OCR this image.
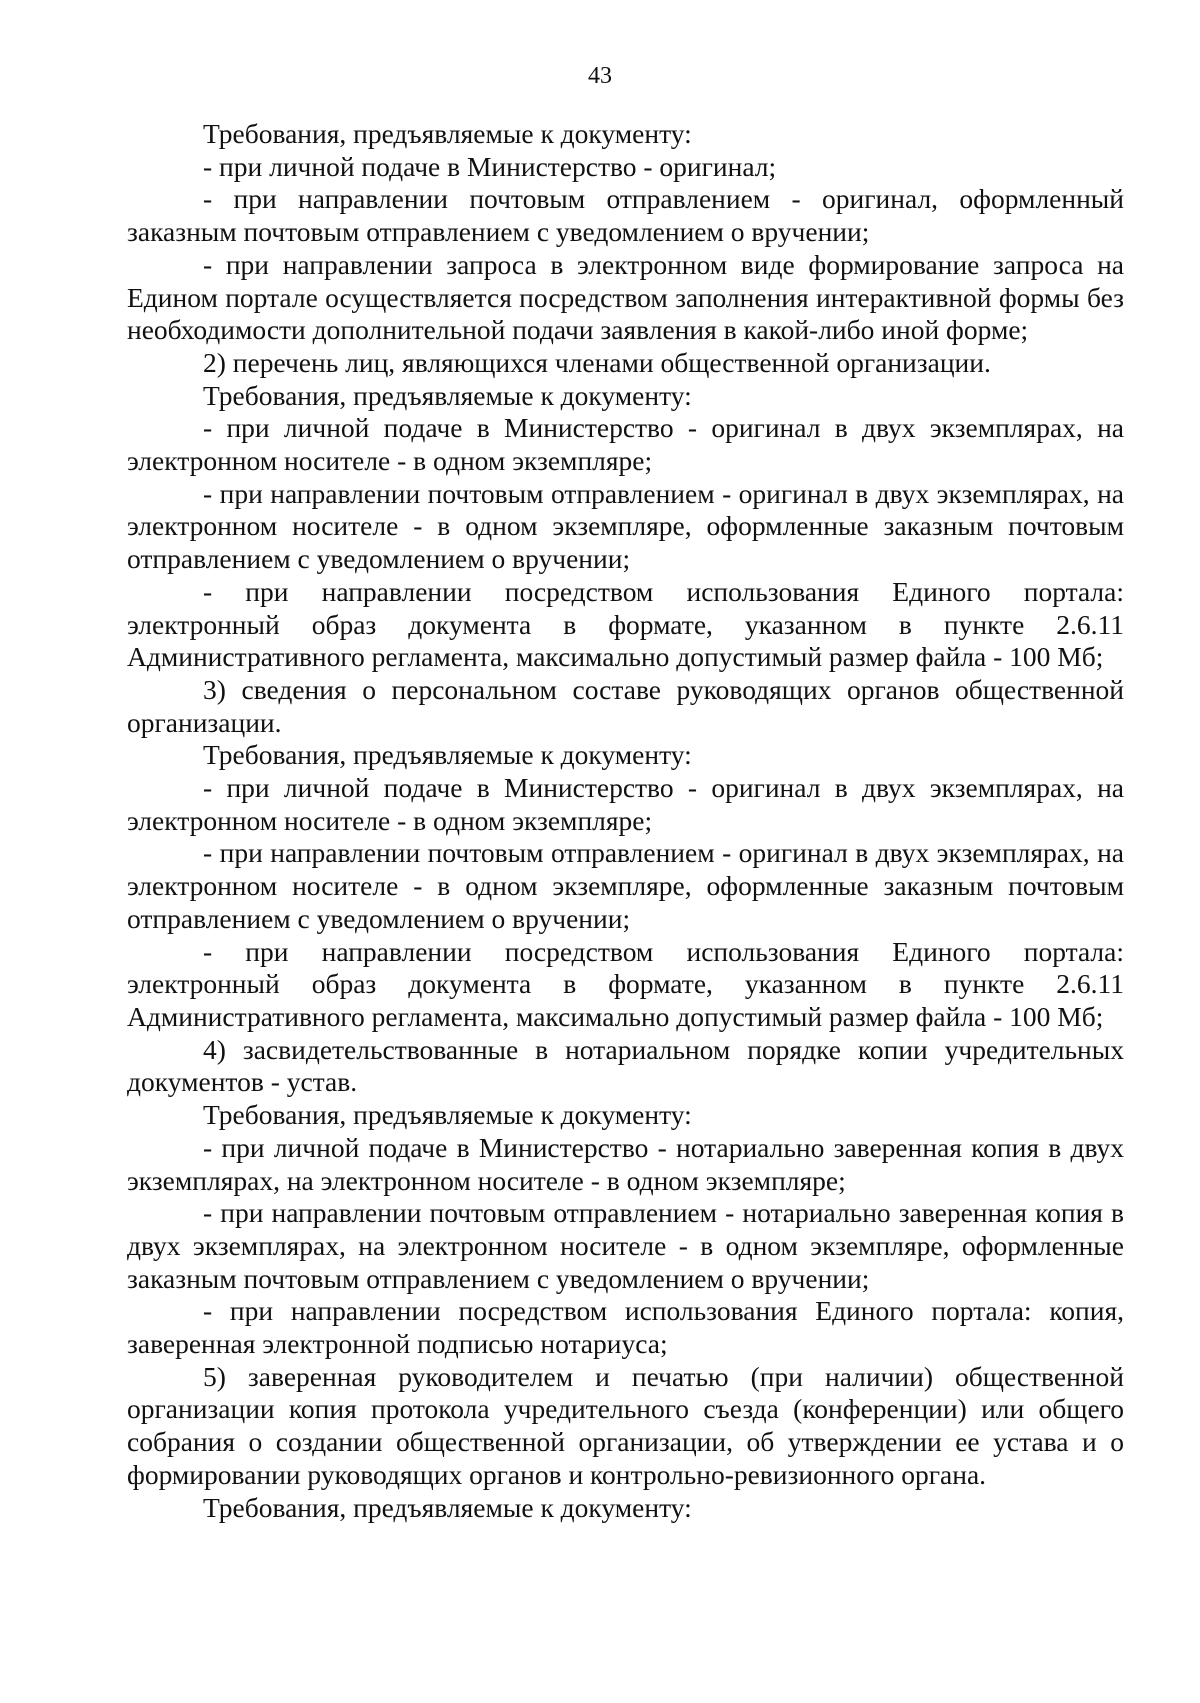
43

Требования, предъявляемые к документу:

- при личной подаче в Министерство - оригинал;

- при направлении почтовым отправлением - оригинал, оформленный заказным почтовым отправлением с уведомлением о вручении;

- при направлении запроса в электронном виде формирование запроса на Едином портале осуществляется посредством заполнения интерактивной формы без необходимости дополнительной подачи заявления в какой-либо иной форме;

2) перечень лиц, являющихся членами общественной организации.

Требования, предъявляемые к документу:

- при личной подаче в Министерство - оригинал в двух экземплярах, на электронном носителе - в одном экземпляре;

- при направлении почтовым отправлением - оригинал в двух экземплярах, на электронном носителе - в одном экземпляре, оформленные заказным почтовым отправлением с уведомлением о вручении;

- при направлении посредством использования Единого портала: электронный образ документа в формате, указанном в пункте 2.6.11 Административного регламента, максимально допустимый размер файла - 100 Мб;

3) сведения о персональном составе руководящих органов общественной организации.

Требования, предъявляемые к документу:

- при личной подаче в Министерство - оригинал в двух экземплярах, на электронном носителе - в одном экземпляре;

- при направлении почтовым отправлением - оригинал в двух экземплярах, на электронном носителе - в одном экземпляре, оформленные заказным почтовым отправлением с уведомлением о вручении;

- при направлении посредством использования Единого портала: электронный образ документа в формате, указанном в пункте 2.6.11 Административного регламента, максимально допустимый размер файла - 100 Мб;

4) засвидетельствованные в нотариальном порядке копии учредительных документов - устав.

Требования, предъявляемые к документу:

- при личной подаче в Министерство - нотариально заверенная копия в двух экземплярах, на электронном носителе - в одном экземпляре;

- при направлении почтовым отправлением - нотариально заверенная копия в двух экземплярах, на электронном носителе - в одном экземпляре, оформленные заказным почтовым отправлением с уведомлением о вручении;

- при направлении посредством использования Единого портала: копия, заверенная электронной подписью нотариуса;

5) заверенная руководителем и печатью (при наличии) общественной организации копия протокола учредительного съезда (конференции) или общего собрания о создании общественной организации, об утверждении ее устава и о формировании руководящих органов и контрольно-ревизионного органа.

Требования, предъявляемые к документу:
